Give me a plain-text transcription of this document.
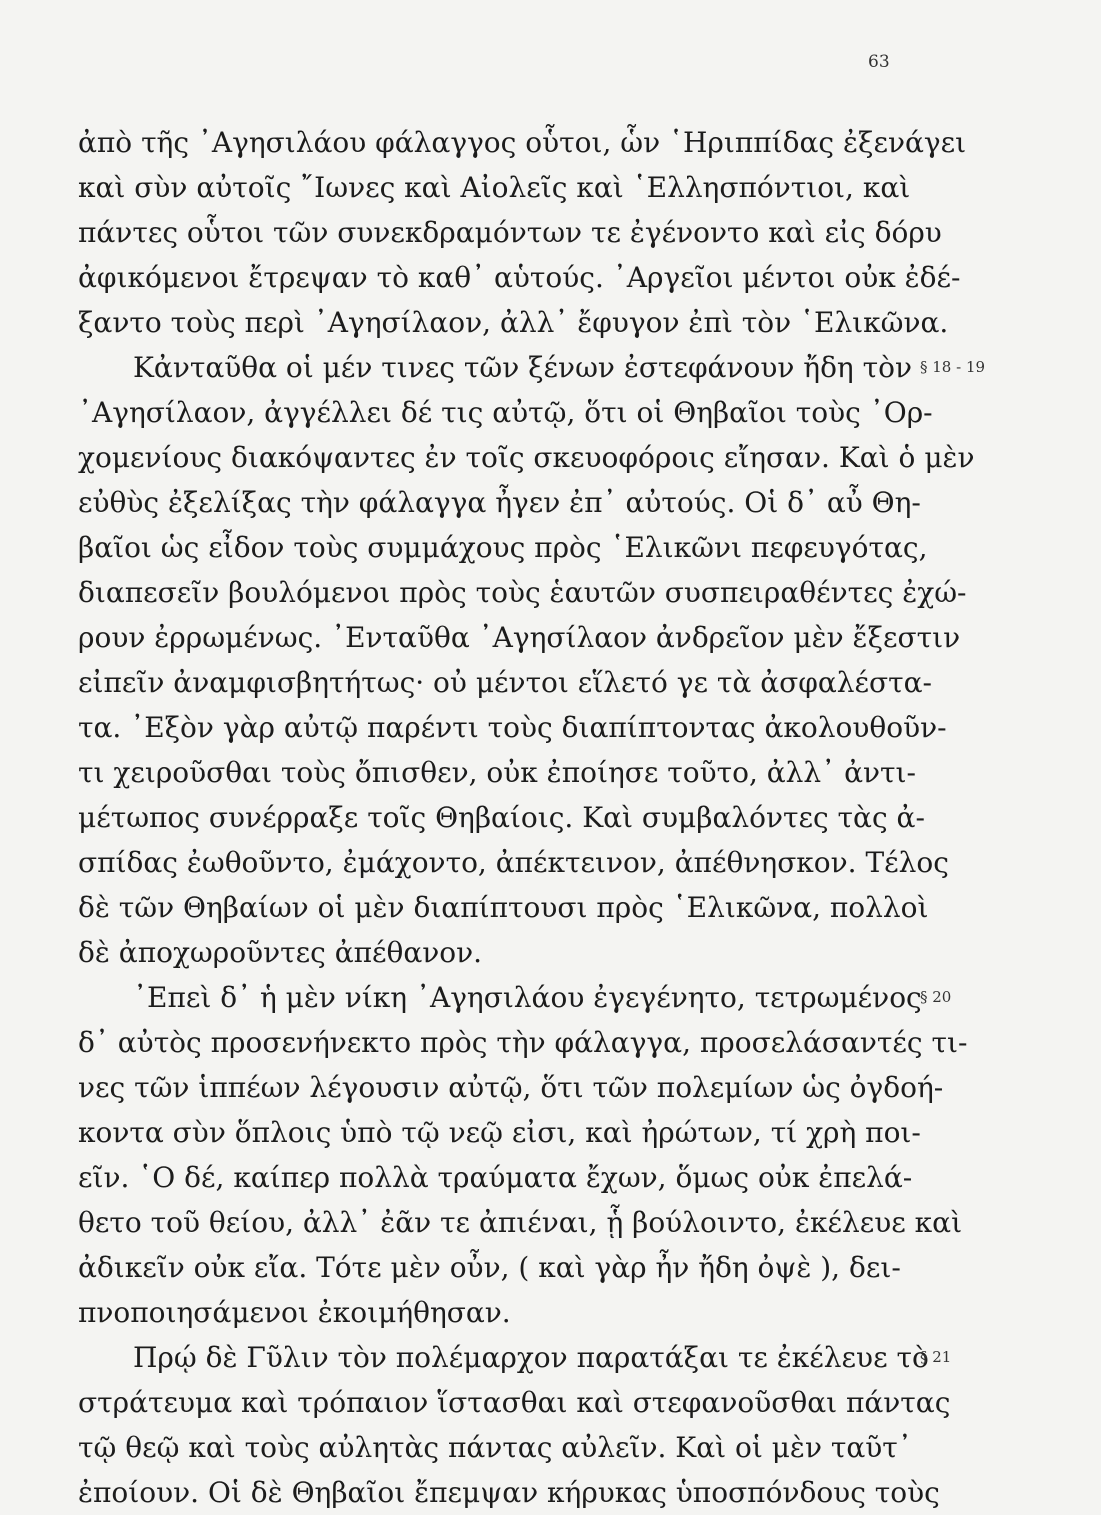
63
ἀπὸ τῆς ᾿Αγησιλάου φάλαγγος οὗτοι, ὧν ῾Ηριππίδας ἐξενάγει
καὶ σὺν αὐτοῖς ῎Ιωνες καὶ Αἰολεῖς καὶ ῾Ελλησπόντιοι, καὶ
πάντες οὗτοι τῶν συνεκδραμόντων τε ἐγένοντο καὶ εἰς δόρυ
ἀφικόμενοι ἔτρεψαν τὸ καθ᾿ αὑτούς. ᾿Αργεῖοι μέντοι οὐκ ἐδέ-
ξαντο τοὺς περὶ ᾿Αγησίλαον, ἀλλ᾿ ἔφυγον ἐπὶ τὸν ῾Ελικῶνα.
Κἀνταῦθα οἱ μέν τινες τῶν ξένων ἐστεφάνουν ἤδη τὸν
᾿Αγησίλαον, ἀγγέλλει δέ τις αὐτῷ, ὅτι οἱ Θηβαῖοι τοὺς ᾿Ορ-
χομενίους διακόψαντες ἐν τοῖς σκευοφόροις εἴησαν. Καὶ ὁ μὲν
εὐθὺς ἐξελίξας τὴν φάλαγγα ἦγεν ἐπ᾿ αὐτούς. Οἱ δ᾿ αὖ Θη-
βαῖοι ὡς εἶδον τοὺς συμμάχους πρὸς ῾Ελικῶνι πεφευγότας,
διαπεσεῖν βουλόμενοι πρὸς τοὺς ἑαυτῶν συσπειραθέντες ἐχώ-
ρουν ἐρρωμένως. ᾿Ενταῦθα ᾿Αγησίλαον ἀνδρεῖον μὲν ἔξεστιν
εἰπεῖν ἀναμφισβητήτως· οὐ μέντοι εἵλετό γε τὰ ἀσφαλέστα-
τα. ᾿Εξὸν γὰρ αὐτῷ παρέντι τοὺς διαπίπτοντας ἀκολουθοῦν-
τι χειροῦσθαι τοὺς ὄπισθεν, οὐκ ἐποίησε τοῦτο, ἀλλ᾿ ἀντι-
μέτωπος συνέρραξε τοῖς Θηβαίοις. Καὶ συμβαλόντες τὰς ἀ-
σπίδας ἐωθοῦντο, ἐμάχοντο, ἀπέκτεινον, ἀπέθνησκον. Τέλος
δὲ τῶν Θηβαίων οἱ μὲν διαπίπτουσι πρὸς ῾Ελικῶνα, πολλοὶ
δὲ ἀποχωροῦντες ἀπέθανον.
᾿Επεὶ δ᾿ ἡ μὲν νίκη ᾿Αγησιλάου ἐγεγένητο, τετρωμένος
δ᾿ αὐτὸς προσενήνεκτο πρὸς τὴν φάλαγγα, προσελάσαντές τι-
νες τῶν ἱππέων λέγουσιν αὐτῷ, ὅτι τῶν πολεμίων ὡς ὀγδοή-
κοντα σὺν ὅπλοις ὑπὸ τῷ νεῷ εἰσι, καὶ ἠρώτων, τί χρὴ ποι-
εῖν. ῾Ο δέ, καίπερ πολλὰ τραύματα ἔχων, ὅμως οὐκ ἐπελά-
θετο τοῦ θείου, ἀλλ᾿ ἐᾶν τε ἀπιέναι, ᾗ βούλοιντο, ἐκέλευε καὶ
ἀδικεῖν οὐκ εἴα. Τότε μὲν οὖν, ( καὶ γὰρ ἦν ἤδη ὀψὲ ), δει-
πνοποιησάμενοι ἐκοιμήθησαν.
Πρῴ δὲ Γῦλιν τὸν πολέμαρχον παρατάξαι τε ἐκέλευε τὸ
στράτευμα καὶ τρόπαιον ἵστασθαι καὶ στεφανοῦσθαι πάντας
τῷ θεῷ καὶ τοὺς αὐλητὰς πάντας αὐλεῖν. Καὶ οἱ μὲν ταῦτ᾿
ἐποίουν. Οἱ δὲ Θηβαῖοι ἔπεμψαν κήρυκας ὑποσπόνδους τοὺς
§ 18 - 19
§ 20
§ 21
